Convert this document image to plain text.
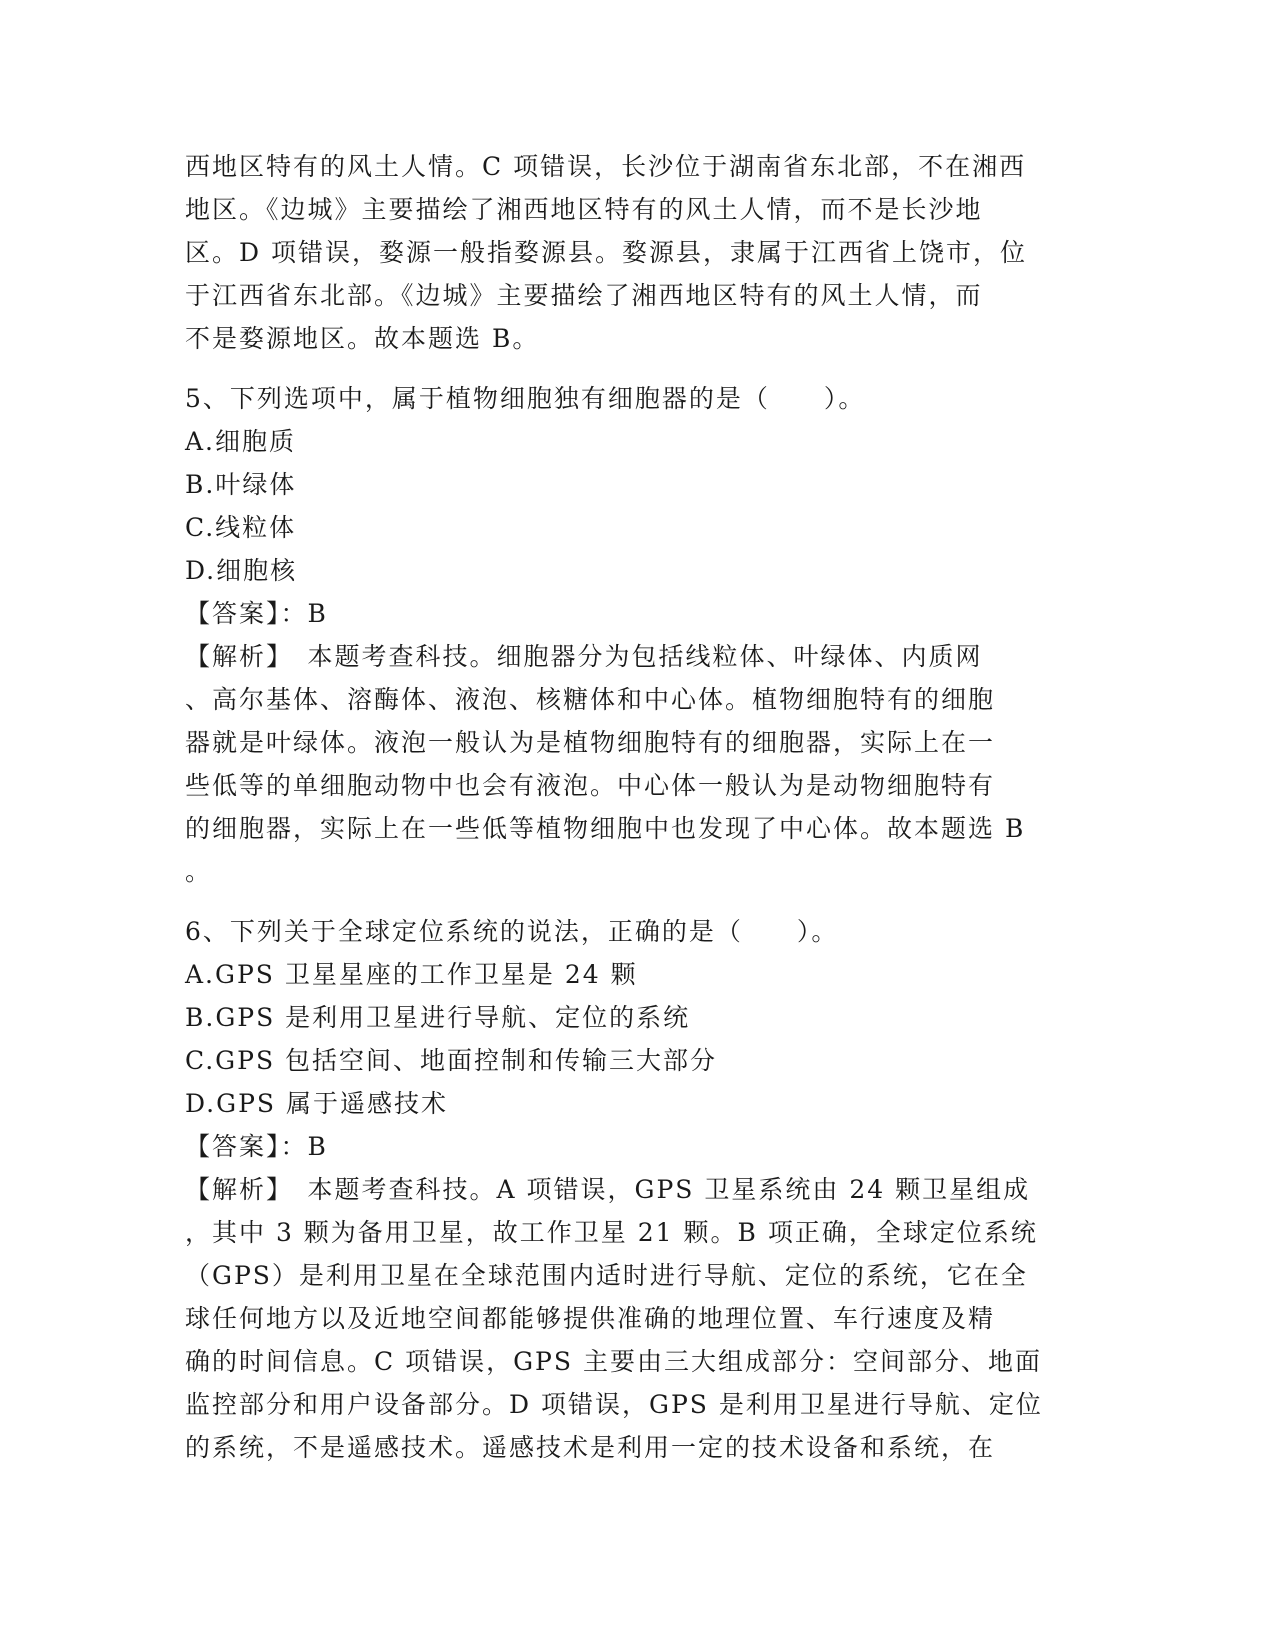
西地区特有的风土人情。C 项错误，长沙位于湖南省东北部，不在湘西
地区。《边城》主要描绘了湘西地区特有的风土人情，而不是长沙地
区。D 项错误，婺源一般指婺源县。婺源县，隶属于江西省上饶市，位
于江西省东北部。《边城》主要描绘了湘西地区特有的风土人情，而
不是婺源地区。故本题选 B。
5、下列选项中，属于植物细胞独有细胞器的是（　　）。
A.细胞质
B.叶绿体
C.线粒体
D.细胞核
【答案】：B
【解析】　本题考查科技。细胞器分为包括线粒体、叶绿体、内质网
、高尔基体、溶酶体、液泡、核糖体和中心体。植物细胞特有的细胞
器就是叶绿体。液泡一般认为是植物细胞特有的细胞器，实际上在一
些低等的单细胞动物中也会有液泡。中心体一般认为是动物细胞特有
的细胞器，实际上在一些低等植物细胞中也发现了中心体。故本题选 B
。
6、下列关于全球定位系统的说法，正确的是（　　）。
A.GPS 卫星星座的工作卫星是 24 颗
B.GPS 是利用卫星进行导航、定位的系统
C.GPS 包括空间、地面控制和传输三大部分
D.GPS 属于遥感技术
【答案】：B
【解析】　本题考查科技。A 项错误，GPS 卫星系统由 24 颗卫星组成
，其中 3 颗为备用卫星，故工作卫星 21 颗。B 项正确，全球定位系统
（GPS）是利用卫星在全球范围内适时进行导航、定位的系统，它在全
球任何地方以及近地空间都能够提供准确的地理位置、车行速度及精
确的时间信息。C 项错误，GPS 主要由三大组成部分：空间部分、地面
监控部分和用户设备部分。D 项错误，GPS 是利用卫星进行导航、定位
的系统，不是遥感技术。遥感技术是利用一定的技术设备和系统，在
